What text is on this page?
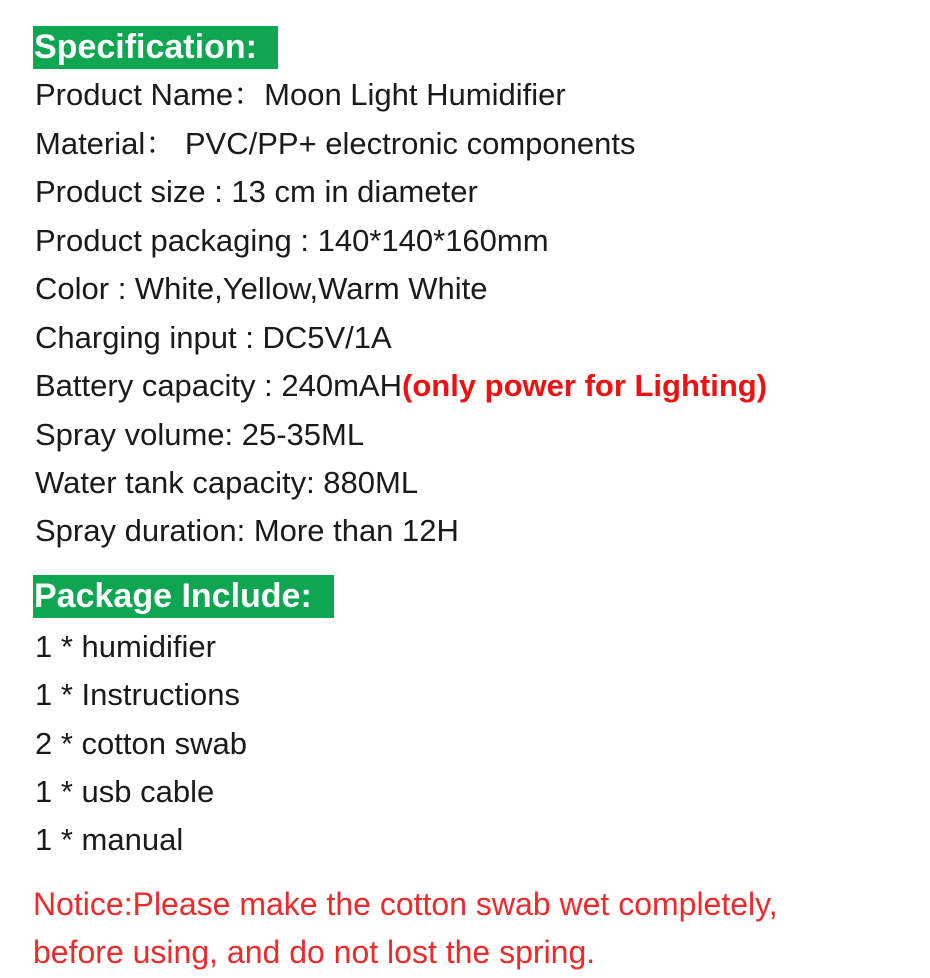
Specification:
Product Name：Moon Light Humidifier
Material： PVC/PP+ electronic components
Product size : 13 cm in diameter
Product packaging : 140*140*160mm
Color : White,Yellow,Warm White
Charging input : DC5V/1A
Battery capacity : 240mAH(only power for Lighting)
Spray volume: 25-35ML
Water tank capacity: 880ML
Spray duration: More than 12H
Package Include:
1 * humidifier
1 * Instructions
2 * cotton swab
1 * usb cable
1 * manual
Notice:Please make the cotton swab wet completely,
before using, and do not lost the spring.
